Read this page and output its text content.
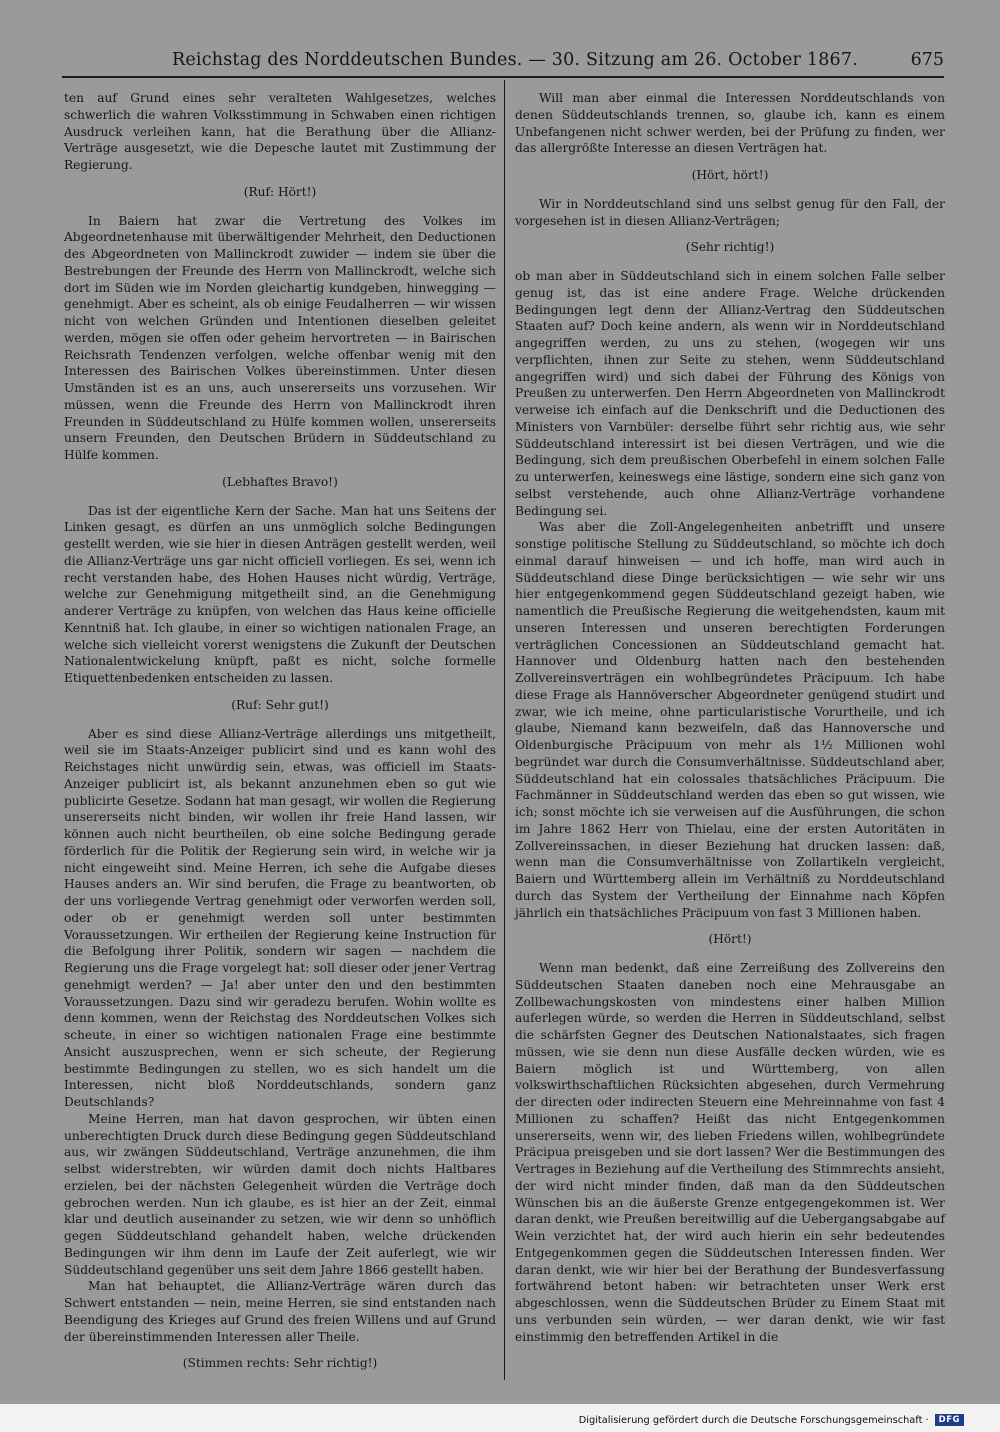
Reichstag des Norddeutschen Bundes. — 30. Sitzung am 26. October 1867.	675

ten auf Grund eines sehr veralteten Wahlgesetzes, welches schwerlich die wahren Volksstimmung in Schwaben einen richtigen Ausdruck verleihen kann, hat die Berathung über die Allianz-Verträge ausgesetzt, wie die Depesche lautet mit Zustimmung der Regierung.

(Ruf: Hört!)

In Baiern hat zwar die Vertretung des Volkes im Abgeordnetenhause mit überwältigender Mehrheit, den Deductionen des Abgeordneten von Mallinckrodt zuwider — indem sie über die Bestrebungen der Freunde des Herrn von Mallinckrodt, welche sich dort im Süden wie im Norden gleichartig kundgeben, hinwegging — genehmigt. Aber es scheint, als ob einige Feudalherren — wir wissen nicht von welchen Gründen und Intentionen dieselben geleitet werden, mögen sie offen oder geheim hervortreten — in Bairischen Reichsrath Tendenzen verfolgen, welche offenbar wenig mit den Interessen des Bairischen Volkes übereinstimmen. Unter diesen Umständen ist es an uns, auch unsererseits uns vorzusehen. Wir müssen, wenn die Freunde des Herrn von Mallinckrodt ihren Freunden in Süddeutschland zu Hülfe kommen wollen, unsererseits unsern Freunden, den Deutschen Brüdern in Süddeutschland zu Hülfe kommen.

(Lebhaftes Bravo!)

Das ist der eigentliche Kern der Sache. Man hat uns Seitens der Linken gesagt, es dürfen an uns unmöglich solche Bedingungen gestellt werden, wie sie hier in diesen Anträgen gestellt werden, weil die Allianz-Verträge uns gar nicht officiell vorliegen. Es sei, wenn ich recht verstanden habe, des Hohen Hauses nicht würdig, Verträge, welche zur Genehmigung mitgetheilt sind, an die Genehmigung anderer Verträge zu knüpfen, von welchen das Haus keine officielle Kenntniß hat. Ich glaube, in einer so wichtigen nationalen Frage, an welche sich vielleicht vorerst wenigstens die Zukunft der Deutschen Nationalentwickelung knüpft, paßt es nicht, solche formelle Etiquettenbedenken entscheiden zu lassen.

(Ruf: Sehr gut!)

Aber es sind diese Allianz-Verträge allerdings uns mitgetheilt, weil sie im Staats-Anzeiger publicirt sind und es kann wohl des Reichstages nicht unwürdig sein, etwas, was officiell im Staats-Anzeiger publicirt ist, als bekannt anzunehmen eben so gut wie publicirte Gesetze. Sodann hat man gesagt, wir wollen die Regierung unsererseits nicht binden, wir wollen ihr freie Hand lassen, wir können auch nicht beurtheilen, ob eine solche Bedingung gerade förderlich für die Politik der Regierung sein wird, in welche wir ja nicht eingeweiht sind. Meine Herren, ich sehe die Aufgabe dieses Hauses anders an. Wir sind berufen, die Frage zu beantworten, ob der uns vorliegende Vertrag genehmigt oder verworfen werden soll, oder ob er genehmigt werden soll unter bestimmten Voraussetzungen. Wir ertheilen der Regierung keine Instruction für die Befolgung ihrer Politik, sondern wir sagen — nachdem die Regierung uns die Frage vorgelegt hat: soll dieser oder jener Vertrag genehmigt werden? — Ja! aber unter den und den bestimmten Voraussetzungen. Dazu sind wir geradezu berufen. Wohin wollte es denn kommen, wenn der Reichstag des Norddeutschen Volkes sich scheute, in einer so wichtigen nationalen Frage eine bestimmte Ansicht auszusprechen, wenn er sich scheute, der Regierung bestimmte Bedingungen zu stellen, wo es sich handelt um die Interessen, nicht bloß Norddeutschlands, sondern ganz Deutschlands?

Meine Herren, man hat davon gesprochen, wir übten einen unberechtigten Druck durch diese Bedingung gegen Süddeutschland aus, wir zwängen Süddeutschland, Verträge anzunehmen, die ihm selbst widerstrebten, wir würden damit doch nichts Haltbares erzielen, bei der nächsten Gelegenheit würden die Verträge doch gebrochen werden. Nun ich glaube, es ist hier an der Zeit, einmal klar und deutlich auseinander zu setzen, wie wir denn so unhöflich gegen Süddeutschland gehandelt haben, welche drückenden Bedingungen wir ihm denn im Laufe der Zeit auferlegt, wie wir Süddeutschland gegenüber uns seit dem Jahre 1866 gestellt haben.

Man hat behauptet, die Allianz-Verträge wären durch das Schwert entstanden — nein, meine Herren, sie sind entstanden nach Beendigung des Krieges auf Grund des freien Willens und auf Grund der übereinstimmenden Interessen aller Theile.

(Stimmen rechts: Sehr richtig!)

Will man aber einmal die Interessen Norddeutschlands von denen Süddeutschlands trennen, so, glaube ich, kann es einem Unbefangenen nicht schwer werden, bei der Prüfung zu finden, wer das allergrößte Interesse an diesen Verträgen hat.

(Hört, hört!)

Wir in Norddeutschland sind uns selbst genug für den Fall, der vorgesehen ist in diesen Allianz-Verträgen;

(Sehr richtig!)

ob man aber in Süddeutschland sich in einem solchen Falle selber genug ist, das ist eine andere Frage. Welche drückenden Bedingungen legt denn der Allianz-Vertrag den Süddeutschen Staaten auf? Doch keine andern, als wenn wir in Norddeutschland angegriffen werden, zu uns zu stehen, (wogegen wir uns verpflichten, ihnen zur Seite zu stehen, wenn Süddeutschland angegriffen wird) und sich dabei der Führung des Königs von Preußen zu unterwerfen. Den Herrn Abgeordneten von Mallinckrodt verweise ich einfach auf die Denkschrift und die Deductionen des Ministers von Varnbüler: derselbe führt sehr richtig aus, wie sehr Süddeutschland interessirt ist bei diesen Verträgen, und wie die Bedingung, sich dem preußischen Oberbefehl in einem solchen Falle zu unterwerfen, keineswegs eine lästige, sondern eine sich ganz von selbst verstehende, auch ohne Allianz-Verträge vorhandene Bedingung sei.

Was aber die Zoll-Angelegenheiten anbetrifft und unsere sonstige politische Stellung zu Süddeutschland, so möchte ich doch einmal darauf hinweisen — und ich hoffe, man wird auch in Süddeutschland diese Dinge berücksichtigen — wie sehr wir uns hier entgegenkommend gegen Süddeutschland gezeigt haben, wie namentlich die Preußische Regierung die weitgehendsten, kaum mit unseren Interessen und unseren berechtigten Forderungen verträglichen Concessionen an Süddeutschland gemacht hat. Hannover und Oldenburg hatten nach den bestehenden Zollvereinsverträgen ein wohlbegründetes Präcipuum. Ich habe diese Frage als Hannöverscher Abgeordneter genügend studirt und zwar, wie ich meine, ohne particularistische Vorurtheile, und ich glaube, Niemand kann bezweifeln, daß das Hannoversche und Oldenburgische Präcipuum von mehr als 1½ Millionen wohl begründet war durch die Consumverhältnisse. Süddeutschland aber, Süddeutschland hat ein colossales thatsächliches Präcipuum. Die Fachmänner in Süddeutschland werden das eben so gut wissen, wie ich; sonst möchte ich sie verweisen auf die Ausführungen, die schon im Jahre 1862 Herr von Thielau, eine der ersten Autoritäten in Zollvereinssachen, in dieser Beziehung hat drucken lassen: daß, wenn man die Consumverhältnisse von Zollartikeln vergleicht, Baiern und Württemberg allein im Verhältniß zu Norddeutschland durch das System der Vertheilung der Einnahme nach Köpfen jährlich ein thatsächliches Präcipuum von fast 3 Millionen haben.

(Hört!)

Wenn man bedenkt, daß eine Zerreißung des Zollvereins den Süddeutschen Staaten daneben noch eine Mehrausgabe an Zollbewachungskosten von mindestens einer halben Million auferlegen würde, so werden die Herren in Süddeutschland, selbst die schärfsten Gegner des Deutschen Nationalstaates, sich fragen müssen, wie sie denn nun diese Ausfälle decken würden, wie es Baiern möglich ist und Württemberg, von allen volkswirthschaftlichen Rücksichten abgesehen, durch Vermehrung der directen oder indirecten Steuern eine Mehreinnahme von fast 4 Millionen zu schaffen? Heißt das nicht Entgegenkommen unsererseits, wenn wir, des lieben Friedens willen, wohlbegründete Präcipua preisgeben und sie dort lassen? Wer die Bestimmungen des Vertrages in Beziehung auf die Vertheilung des Stimmrechts ansieht, der wird nicht minder finden, daß man da den Süddeutschen Wünschen bis an die äußerste Grenze entgegengekommen ist. Wer daran denkt, wie Preußen bereitwillig auf die Uebergangsabgabe auf Wein verzichtet hat, der wird auch hierin ein sehr bedeutendes Entgegenkommen gegen die Süddeutschen Interessen finden. Wer daran denkt, wie wir hier bei der Berathung der Bundesverfassung fortwährend betont haben: wir betrachteten unser Werk erst abgeschlossen, wenn die Süddeutschen Brüder zu Einem Staat mit uns verbunden sein würden, — wer daran denkt, wie wir fast einstimmig den betreffenden Artikel in die

Digitalisierung gefördert durch die Deutsche Forschungsgemeinschaft ·	DFG
